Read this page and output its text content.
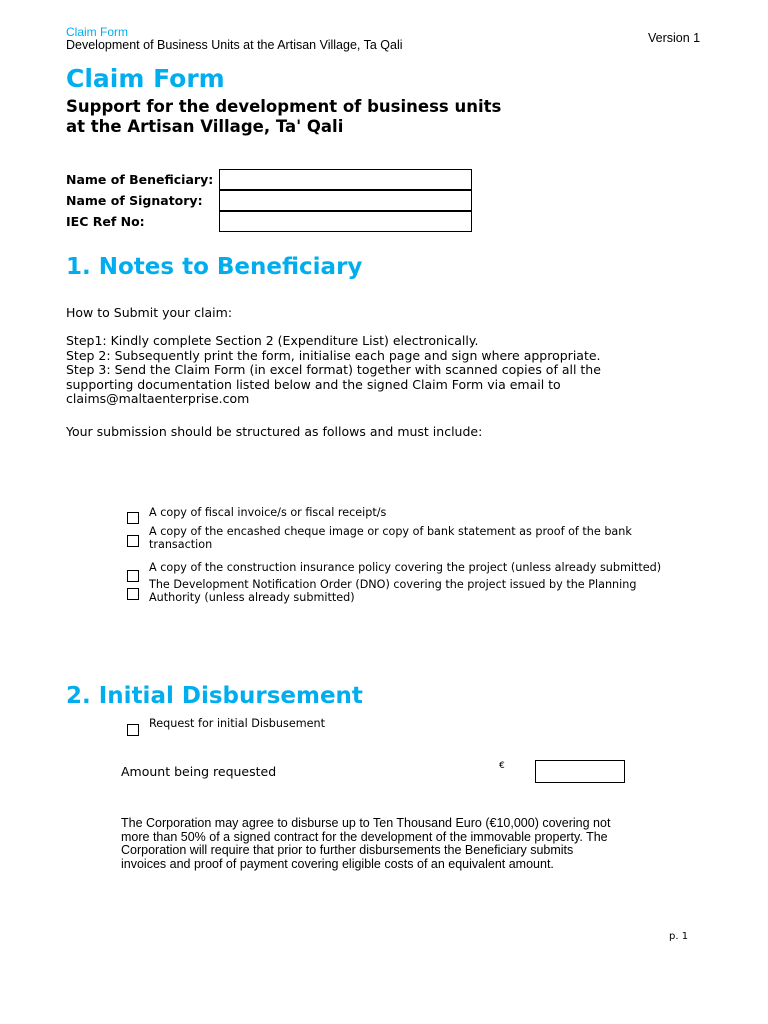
Claim Form
Development of Business Units at the Artisan Village, Ta Qali	Version 1
Claim Form
Support for the development of business units at the Artisan Village, Ta' Qali
Name of Beneficiary:
Name of Signatory:
IEC Ref No:
1. Notes to Beneficiary
How to Submit your claim:
Step1: Kindly complete Section 2 (Expenditure List) electronically.
Step 2: Subsequently print the form, initialise each page and sign where appropriate.
Step 3: Send the Claim Form (in excel format) together with scanned copies of all the
supporting documentation listed below and the signed Claim Form via email to
claims@maltaenterprise.com
Your submission should be structured as follows and must include:
A copy of fiscal invoice/s or fiscal receipt/s
A copy of the encashed cheque image or copy of bank statement as proof of the bank transaction
A copy of the construction insurance policy covering the project (unless already submitted)
The Development Notification Order (DNO) covering the project issued by the Planning Authority (unless already submitted)
2. Initial Disbursement
Request for initial Disbusement
Amount being requested	€
The Corporation may agree to disburse up to Ten Thousand Euro (€10,000) covering not more than 50% of a signed contract for the development of the immovable property. The Corporation will require that prior to further disbursements the Beneficiary submits invoices and proof of payment covering eligible costs of an equivalent amount.
p. 1
